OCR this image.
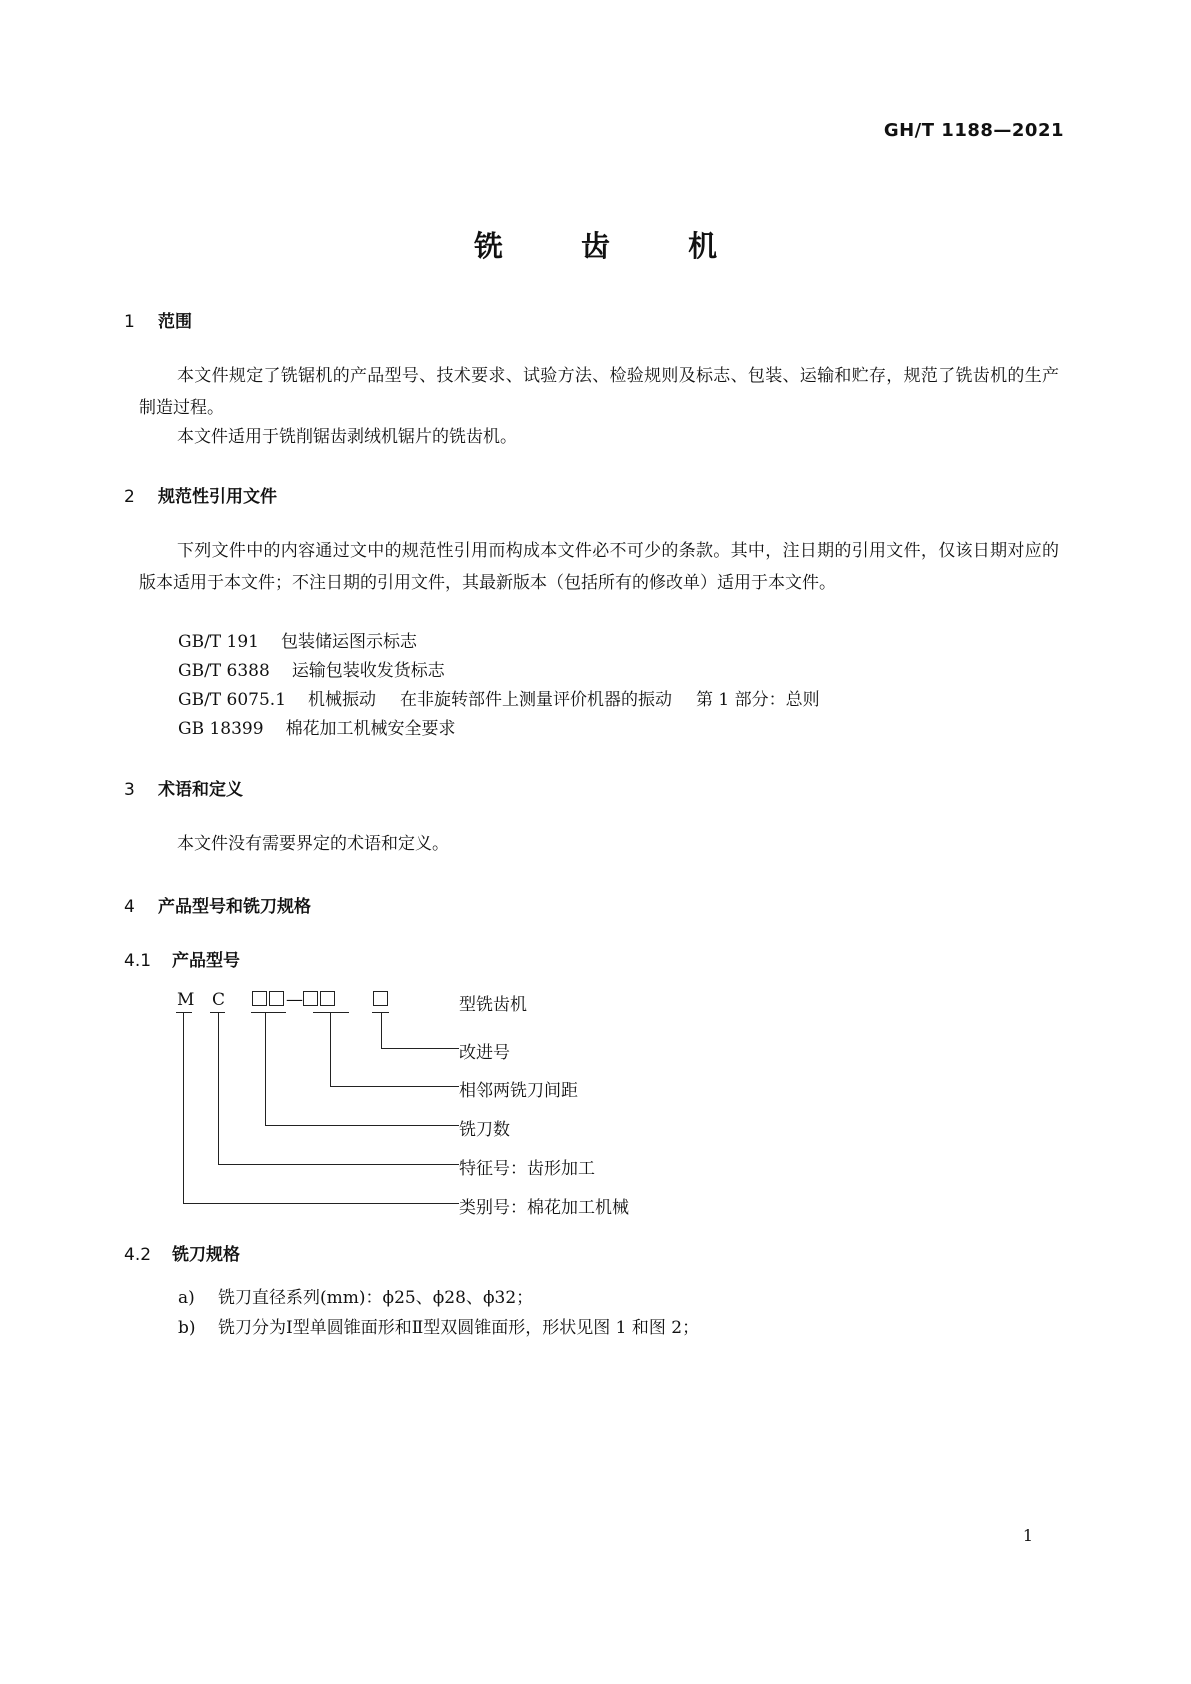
GH/T 1188—2021
铣 齿 机
1 范围
本文件规定了铣锯机的产品型号、技术要求、试验方法、检验规则及标志、包装、运输和贮存，规范了铣齿机的生产制造过程。
本文件适用于铣削锯齿剥绒机锯片的铣齿机。
2 规范性引用文件
下列文件中的内容通过文中的规范性引用而构成本文件必不可少的条款。其中，注日期的引用文件，仅该日期对应的版本适用于本文件；不注日期的引用文件，其最新版本（包括所有的修改单）适用于本文件。
GB/T 191 包装储运图示标志
GB/T 6388 运输包装收发货标志
GB/T 6075.1 机械振动 在非旋转部件上测量评价机器的振动 第 1 部分：总则
GB 18399 棉花加工机械安全要求
3 术语和定义
本文件没有需要界定的术语和定义。
4 产品型号和铣刀规格
4.1 产品型号
M C	—	型铣齿机
改进号
相邻两铣刀间距
铣刀数
特征号：齿形加工
类别号：棉花加工机械
4.2 铣刀规格
a) 铣刀直径系列(mm)：ϕ25、ϕ28、ϕ32；
b) 铣刀分为Ⅰ型单圆锥面形和Ⅱ型双圆锥面形，形状见图 1 和图 2；
1
